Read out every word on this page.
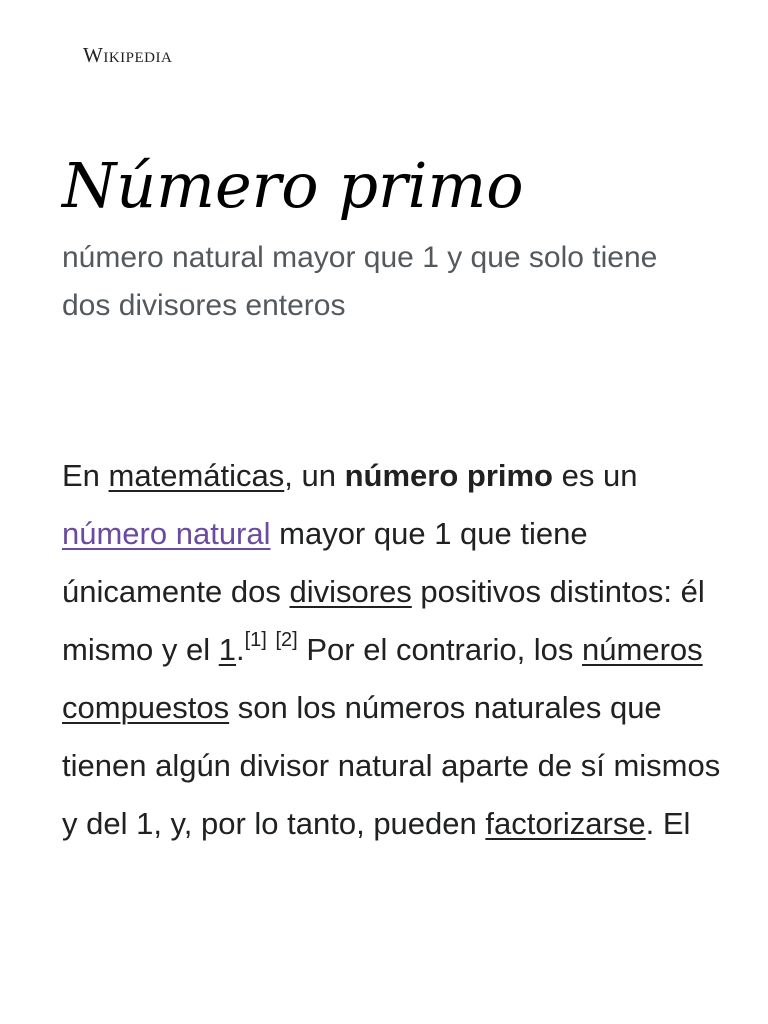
Wikipedia
Número primo

número natural mayor que 1 y que solo tiene dos divisores enteros

En matemáticas, un número primo es un número natural mayor que 1 que tiene únicamente dos divisores positivos distintos: él mismo y el 1.[1] [2] Por el contrario, los números compuestos son los números naturales que tienen algún divisor natural aparte de sí mismos y del 1, y, por lo tanto, pueden factorizarse. El
